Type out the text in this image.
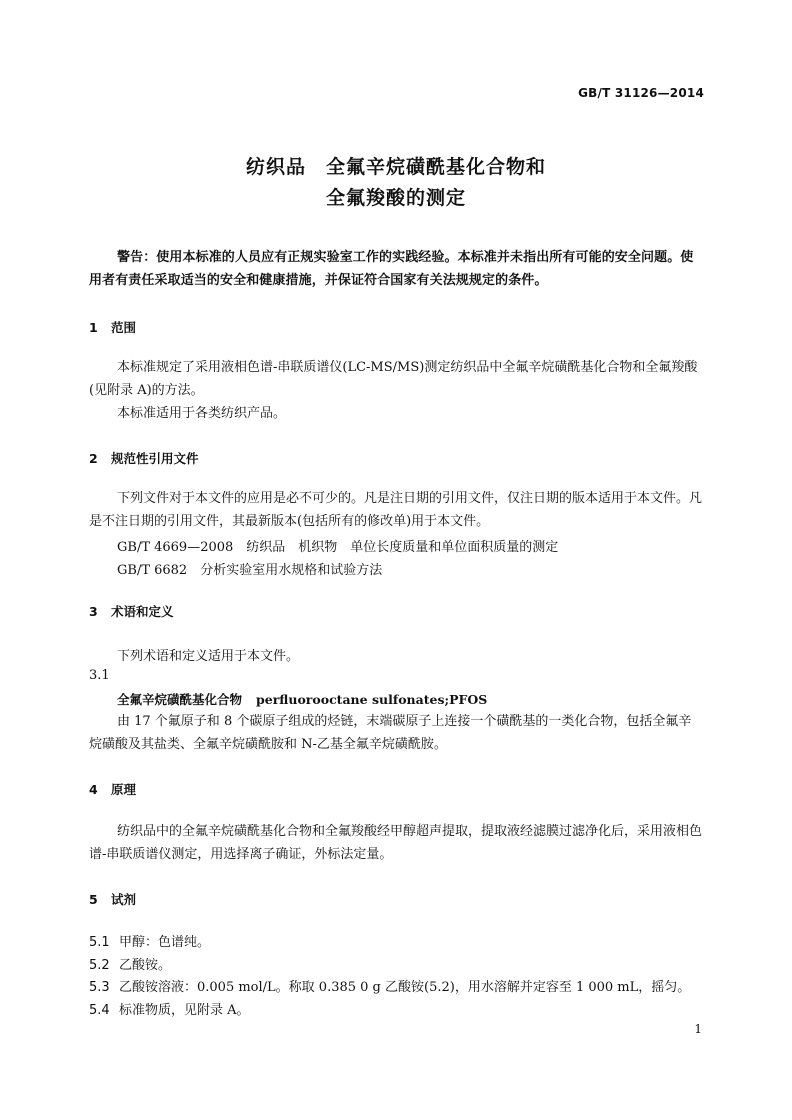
GB/T 31126—2014
纺织品　全氟辛烷磺酰基化合物和
全氟羧酸的测定
警告：使用本标准的人员应有正规实验室工作的实践经验。本标准并未指出所有可能的安全问题。使用者有责任采取适当的安全和健康措施，并保证符合国家有关法规规定的条件。
1 范围
本标准规定了采用液相色谱-串联质谱仪(LC-MS/MS)测定纺织品中全氟辛烷磺酰基化合物和全氟羧酸(见附录 A)的方法。
本标准适用于各类纺织产品。
2 规范性引用文件
下列文件对于本文件的应用是必不可少的。凡是注日期的引用文件，仅注日期的版本适用于本文件。凡是不注日期的引用文件，其最新版本(包括所有的修改单)用于本文件。
GB/T 4669—2008　纺织品　机织物　单位长度质量和单位面积质量的测定
GB/T 6682　分析实验室用水规格和试验方法
3 术语和定义
下列术语和定义适用于本文件。
3.1
全氟辛烷磺酰基化合物 perfluorooctane sulfonates;PFOS
由 17 个氟原子和 8 个碳原子组成的烃链，末端碳原子上连接一个磺酰基的一类化合物，包括全氟辛烷磺酸及其盐类、全氟辛烷磺酰胺和 N-乙基全氟辛烷磺酰胺。
4 原理
纺织品中的全氟辛烷磺酰基化合物和全氟羧酸经甲醇超声提取，提取液经滤膜过滤净化后，采用液相色谱-串联质谱仪测定，用选择离子确证，外标法定量。
5 试剂
5.1 甲醇：色谱纯。
5.2 乙酸铵。
5.3 乙酸铵溶液：0.005 mol/L。称取 0.385 0 g 乙酸铵(5.2)，用水溶解并定容至 1 000 mL，摇匀。
5.4 标准物质，见附录 A。
1
